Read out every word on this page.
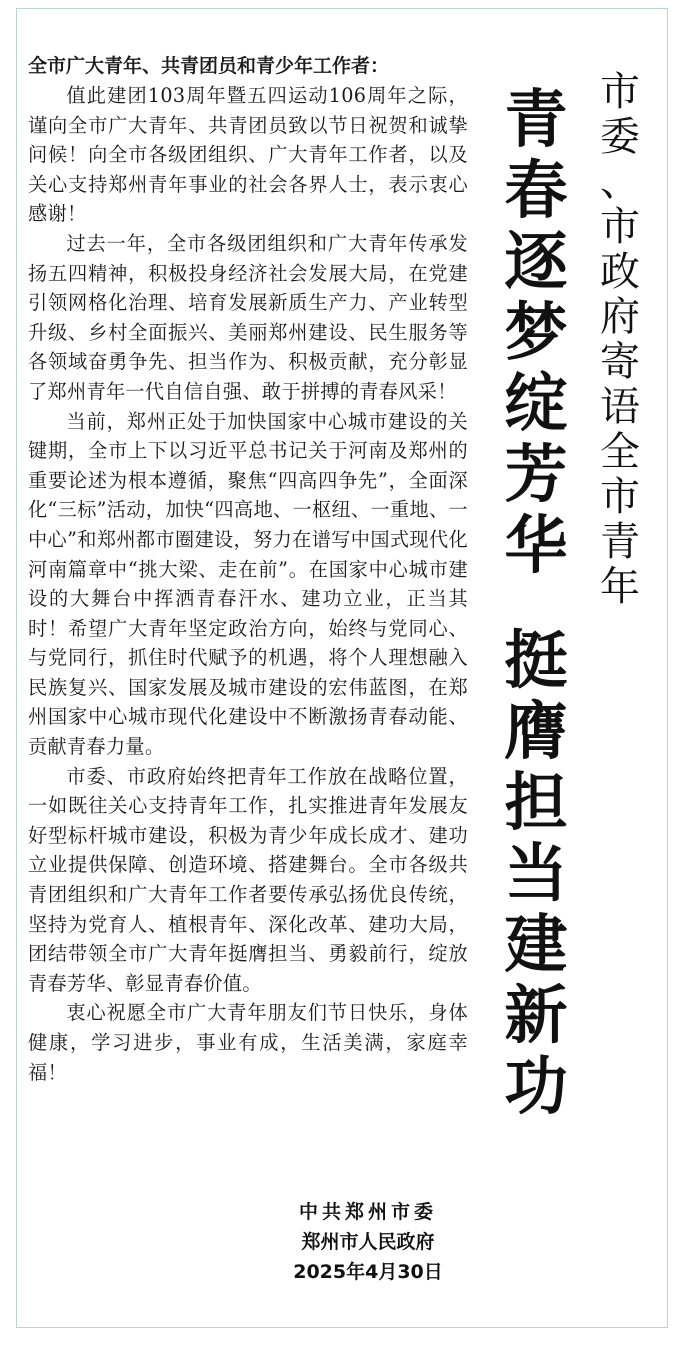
全市广大青年、共青团员和青少年工作者：

值此建团103周年暨五四运动106周年之际，谨向全市广大青年、共青团员致以节日祝贺和诚挚问候！向全市各级团组织、广大青年工作者，以及关心支持郑州青年事业的社会各界人士，表示衷心感谢！

过去一年，全市各级团组织和广大青年传承发扬五四精神，积极投身经济社会发展大局，在党建引领网格化治理、培育发展新质生产力、产业转型升级、乡村全面振兴、美丽郑州建设、民生服务等各领域奋勇争先、担当作为、积极贡献，充分彰显了郑州青年一代自信自强、敢于拼搏的青春风采！

当前，郑州正处于加快国家中心城市建设的关键期，全市上下以习近平总书记关于河南及郑州的重要论述为根本遵循，聚焦“四高四争先”，全面深化“三标”活动，加快“四高地、一枢纽、一重地、一中心”和郑州都市圈建设，努力在谱写中国式现代化河南篇章中“挑大梁、走在前”。在国家中心城市建设的大舞台中挥洒青春汗水、建功立业，正当其时！希望广大青年坚定政治方向，始终与党同心、与党同行，抓住时代赋予的机遇，将个人理想融入民族复兴、国家发展及城市建设的宏伟蓝图，在郑州国家中心城市现代化建设中不断激扬青春动能、贡献青春力量。

市委、市政府始终把青年工作放在战略位置，一如既往关心支持青年工作，扎实推进青年发展友好型标杆城市建设，积极为青少年成长成才、建功立业提供保障、创造环境、搭建舞台。全市各级共青团组织和广大青年工作者要传承弘扬优良传统，坚持为党育人、植根青年、深化改革、建功大局，团结带领全市广大青年挺膺担当、勇毅前行，绽放青春芳华、彰显青春价值。

衷心祝愿全市广大青年朋友们节日快乐，身体健康，学习进步，事业有成，生活美满，家庭幸福！

中共郑州市委
郑州市人民政府
2025年4月30日
青
春
逐
梦
绽
芳
华
挺
膺
担
当
建
新
功
市
委
、
市
政
府
寄
语
全
市
青
年
